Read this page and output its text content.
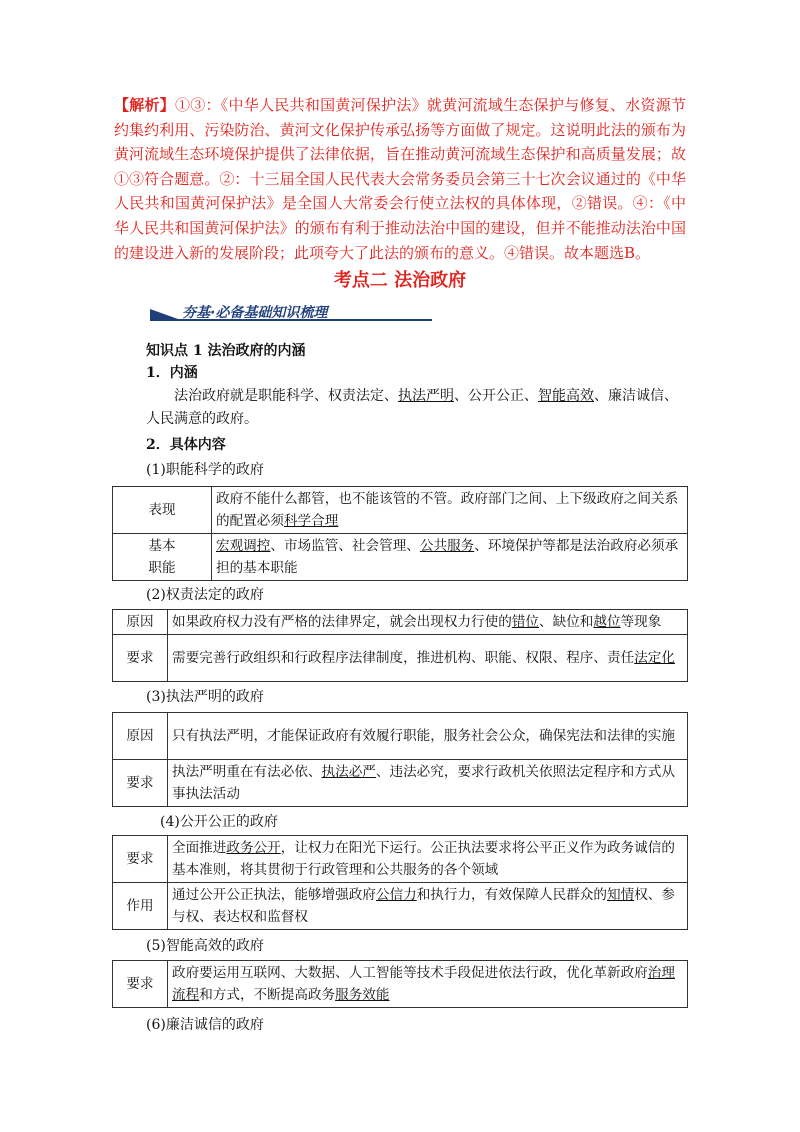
【解析】①③：《中华人民共和国黄河保护法》就黄河流域生态保护与修复、水资源节约集约利用、污染防治、黄河文化保护传承弘扬等方面做了规定。这说明此法的颁布为黄河流域生态环境保护提供了法律依据，旨在推动黄河流域生态保护和高质量发展；故①③符合题意。②：十三届全国人民代表大会常务委员会第三十七次会议通过的《中华人民共和国黄河保护法》是全国人大常委会行使立法权的具体体现，②错误。④：《中华人民共和国黄河保护法》的颁布有利于推动法治中国的建设，但并不能推动法治中国的建设进入新的发展阶段；此项夸大了此法的颁布的意义。④错误。故本题选B。
考点二 法治政府
夯基·必备基础知识梳理
知识点 1 法治政府的内涵
1．内涵
　　法治政府就是职能科学、权责法定、执法严明、公开公正、智能高效、廉洁诚信、人民满意的政府。
2．具体内容
(1)职能科学的政府
表现	政府不能什么都管，也不能该管的不管。政府部门之间、上下级政府之间关系的配置必须科学合理
基本
职能	宏观调控、市场监管、社会管理、公共服务、环境保护等都是法治政府必须承担的基本职能
(2)权责法定的政府
原因	如果政府权力没有严格的法律界定，就会出现权力行使的错位、缺位和越位等现象
要求	需要完善行政组织和行政程序法律制度，推进机构、职能、权限、程序、责任法定化
(3)执法严明的政府
原因	只有执法严明，才能保证政府有效履行职能，服务社会公众，确保宪法和法律的实施
要求	执法严明重在有法必依、执法必严、违法必究，要求行政机关依照法定程序和方式从事执法活动
(4)公开公正的政府
要求	全面推进政务公开，让权力在阳光下运行。公正执法要求将公平正义作为政务诚信的基本准则，将其贯彻于行政管理和公共服务的各个领域
作用	通过公开公正执法，能够增强政府公信力和执行力，有效保障人民群众的知情权、参与权、表达权和监督权
(5)智能高效的政府
要求	政府要运用互联网、大数据、人工智能等技术手段促进依法行政，优化革新政府治理流程和方式，不断提高政务服务效能
(6)廉洁诚信的政府
